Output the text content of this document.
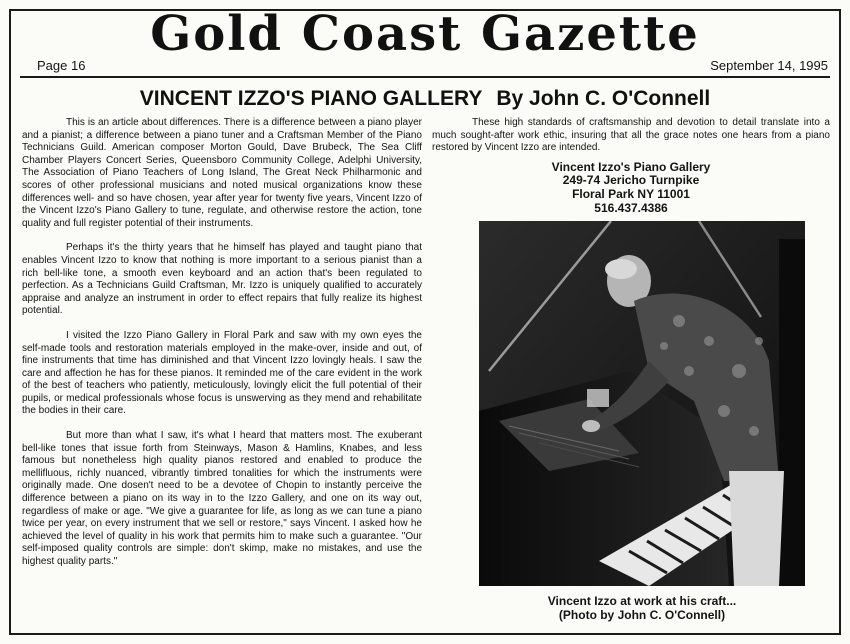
Gold Coast Gazette
Page 16	September 14, 1995
VINCENT IZZO'S PIANO GALLERY By John C. O'Connell

This is an article about differences. There is a difference between a piano player and a pianist; a difference between a piano tuner and a Craftsman Member of the Piano Technicians Guild. American composer Morton Gould, Dave Brubeck, The Sea Cliff Chamber Players Concert Series, Queensboro Community College, Adelphi University, The Association of Piano Teachers of Long Island, The Great Neck Philharmonic and scores of other professional musicians and noted musical organizations know these differences well- and so have chosen, year after year for twenty five years, Vincent Izzo of the Vincent Izzo's Piano Gallery to tune, regulate, and otherwise restore the action, tone quality and full register potential of their instruments.

Perhaps it's the thirty years that he himself has played and taught piano that enables Vincent Izzo to know that nothing is more important to a serious pianist than a rich bell-like tone, a smooth even keyboard and an action that's been regulated to perfection. As a Technicians Guild Craftsman, Mr. Izzo is uniquely qualified to accurately appraise and analyze an instrument in order to effect repairs that fully realize its highest potential.

I visited the Izzo Piano Gallery in Floral Park and saw with my own eyes the self-made tools and restoration materials employed in the make-over, inside and out, of fine instruments that time has diminished and that Vincent Izzo lovingly heals. I saw the care and affection he has for these pianos. It reminded me of the care evident in the work of the best of teachers who patiently, meticulously, lovingly elicit the full potential of their pupils, or medical professionals whose focus is unswerving as they mend and rehabilitate the bodies in their care.

But more than what I saw, it's what I heard that matters most. The exuberant bell-like tones that issue forth from Steinways, Mason & Hamlins, Knabes, and less famous but nonetheless high quality pianos restored and enabled to produce the mellifluous, richly nuanced, vibrantly timbred tonalities for which the instruments were originally made. One dosen't need to be a devotee of Chopin to instantly perceive the difference between a piano on its way in to the Izzo Gallery, and one on its way out, regardless of make or age. "We give a guarantee for life, as long as we can tune a piano twice per year, on every instrument that we sell or restore," says Vincent. I asked how he achieved the level of quality in his work that permits him to make such a guarantee. "Our self-imposed quality controls are simple: don't skimp, make no mistakes, and use the highest quality parts."

These high standards of craftsmanship and devotion to detail translate into a much sought-after work ethic, insuring that all the grace notes one hears from a piano restored by Vincent Izzo are intended.

Vincent Izzo's Piano Gallery
249-74 Jericho Turnpike
Floral Park NY 11001
516.437.4386
Vincent Izzo at work at his craft...
(Photo by John C. O'Connell)
